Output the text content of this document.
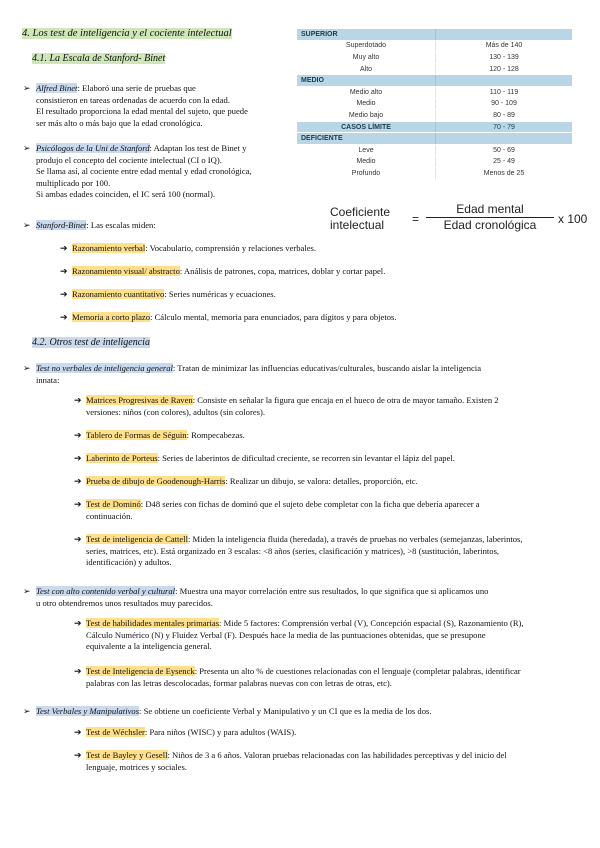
4. Los test de inteligencia y el cociente intelectual
4.1. La Escala de Stanford- Binet
➢ Alfred Binet: Elaboró una serie de pruebas que
consistieron en tareas ordenadas de acuerdo con la edad.
El resultado proporciona la edad mental del sujeto, que puede
ser más alto o más bajo que la edad cronológica.
➢ Psicólogos de la Uni de Stanford: Adaptan los test de Binet y
produjo el concepto del cociente intelectual (CI o IQ).
Se llama así, al cociente entre edad mental y edad cronológica,
multiplicado por 100.
Si ambas edades coinciden, el IC será 100 (normal).
SUPERIOR	
Superdotado	Más de 140
Muy alto	130 - 139
Alto	120 - 128
MEDIO	
Medio alto	110 - 119
Medio	90 - 109
Medio bajo	80 - 89
CASOS LÍMITE	70 - 79
DEFICIENTE	
Leve	50 - 69
Medio	25 - 49
Profundo	Menos de 25
Coeficiente
intelectual	=
Edad mental
Edad cronológica	x 100
➢ Stanford-Binet: Las escalas miden:
➔ Razonamiento verbal: Vocabulario, comprensión y relaciones verbales.
➔ Razonamiento visual/ abstracto: Análisis de patrones, copa, matrices, doblar y cortar papel.
➔ Razonamiento cuantitativo: Series numéricas y ecuaciones.
➔ Memoria a corto plazo: Cálculo mental, memoria para enunciados, para dígitos y para objetos.
4.2. Otros test de inteligencia
➢ Test no verbales de inteligencia general: Tratan de minimizar las influencias educativas/culturales, buscando aislar la inteligencia
innata:
➔ Matrices Progresivas de Raven: Consiste en señalar la figura que encaja en el hueco de otra de mayor tamaño. Existen 2
versiones: niños (con colores), adultos (sin colores).
➔ Tablero de Formas de Séguin: Rompecabezas.
➔ Laberinto de Porteus: Series de laberintos de dificultad creciente, se recorren sin levantar el lápiz del papel.
➔ Prueba de dibujo de Goodenough-Harris: Realizar un dibujo, se valora: detalles, proporción, etc.
➔ Test de Dominó: D48 series con fichas de dominó que el sujeto debe completar con la ficha que debería aparecer a
continuación.
➔ Test de inteligencia de Cattell: Miden la inteligencia fluida (heredada), a través de pruebas no verbales (semejanzas, laberintos,
series, matrices, etc). Está organizado en 3 escalas: <8 años (series, clasificación y matrices), >8 (sustitución, laberintos,
identificación) y adultos.
➢ Test con alto contenido verbal y cultural: Muestra una mayor correlación entre sus resultados, lo que significa que si aplicamos uno
u otro obtendremos unos resultados muy parecidos.
➔ Test de habilidades mentales primarias: Mide 5 factores: Comprensión verbal (V), Concepción espacial (S), Razonamiento (R),
Cálculo Numérico (N) y Fluidez Verbal (F). Después hace la media de las puntuaciones obtenidas, que se presupone
equivalente a la inteligencia general.
➔ Test de Inteligencia de Eysenck: Presenta un alto % de cuestiones relacionadas con el lenguaje (completar palabras, identificar
palabras con las letras descolocadas, formar palabras nuevas con con letras de otras, etc).
➢ Test Verbales y Manipulativos: Se obtiene un coeficiente Verbal y Manipulativo y un CI que es la media de los dos.
➔ Test de Wéchsler: Para niños (WISC) y para adultos (WAIS).
➔ Test de Bayley y Gesell: Niños de 3 a 6 años. Valoran pruebas relacionadas con las habilidades perceptivas y del inicio del
lenguaje, motrices y sociales.
